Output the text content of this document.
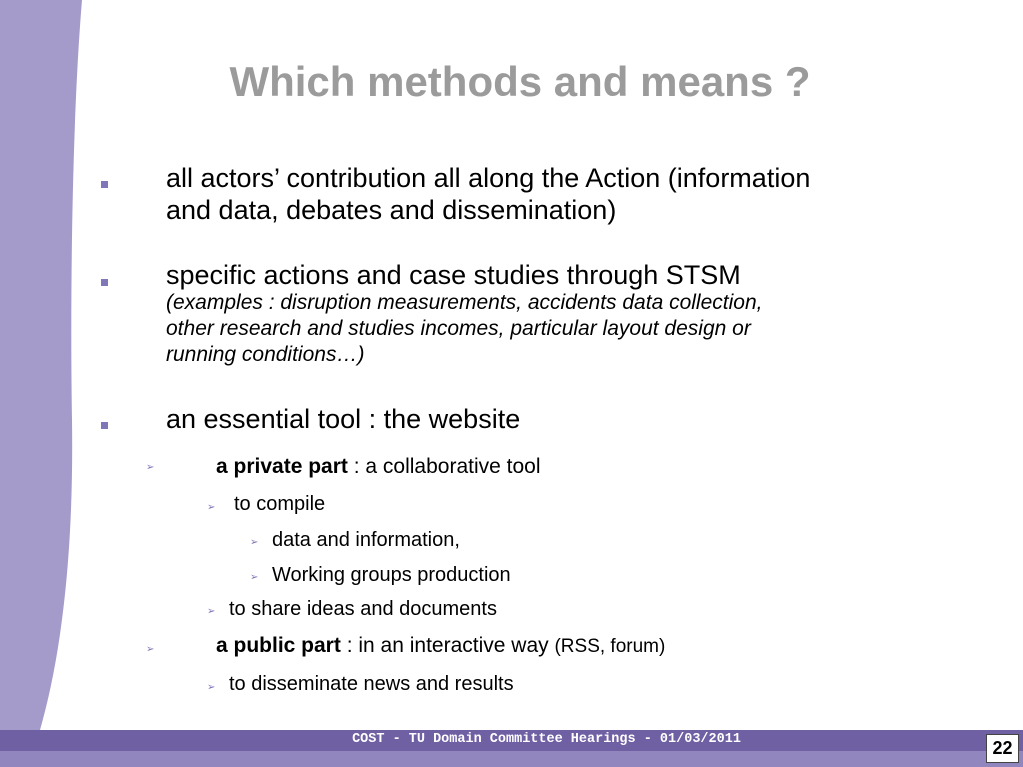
Which methods and means ?
all actors’ contribution all along the Action (information
and data, debates and dissemination)
specific actions and case studies through STSM
(examples : disruption measurements, accidents data collection,
other research and studies incomes, particular layout design or
running conditions…)
an essential tool : the website
➢	a private part : a collaborative tool
➢ to compile
➢ data and information,
➢ Working groups production
➢ to share ideas and documents
➢	a public part : in an interactive way (RSS, forum)
➢ to disseminate news and results
COST - TU Domain Committee Hearings - 01/03/2011	22
